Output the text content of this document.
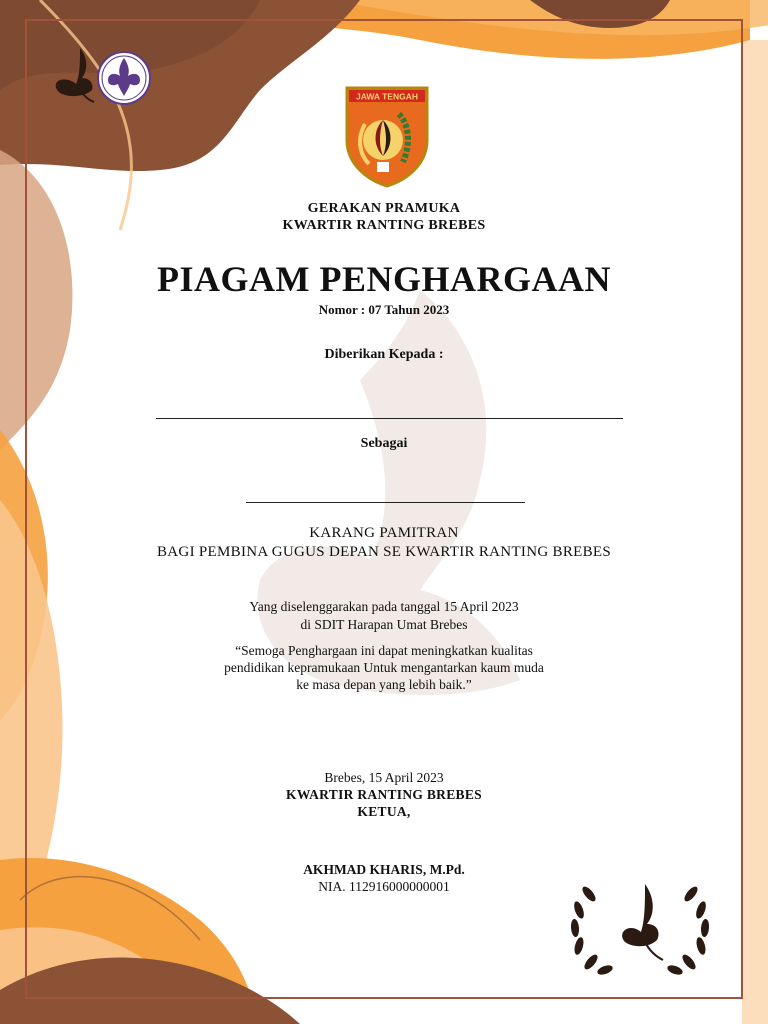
JAWA TENGAH
GERAKAN PRAMUKA
KWARTIR RANTING BREBES
PIAGAM PENGHARGAAN
Nomor : 07 Tahun 2023
Diberikan Kepada :
Sebagai
KARANG PAMITRAN
BAGI PEMBINA GUGUS DEPAN SE KWARTIR RANTING BREBES
Yang diselenggarakan pada tanggal 15 April 2023
di SDIT Harapan Umat Brebes
“Semoga Penghargaan ini dapat meningkatkan kualitas
pendidikan kepramukaan Untuk mengantarkan kaum muda
ke masa depan yang lebih baik.”
Brebes, 15 April 2023
KWARTIR RANTING BREBES
KETUA,
AKHMAD KHARIS, M.Pd.
NIA. 112916000000001
